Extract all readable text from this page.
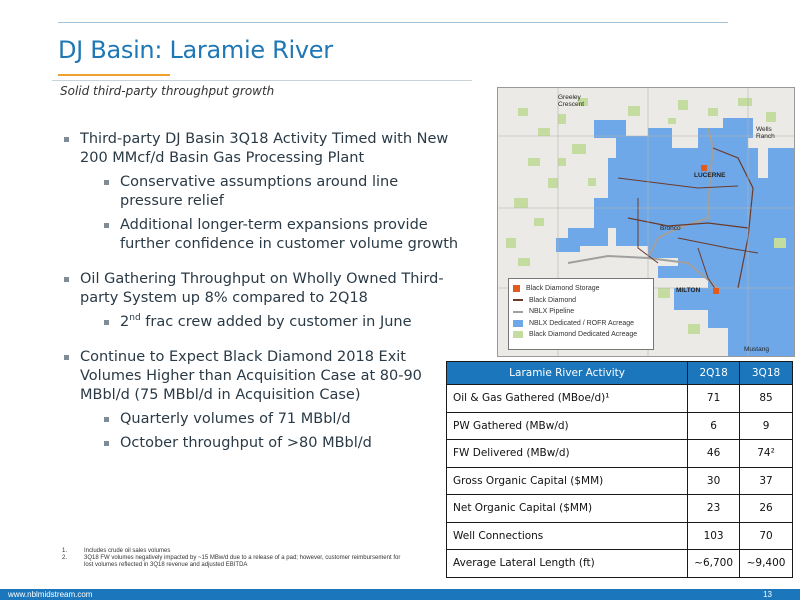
DJ Basin: Laramie River
Solid third-party throughput growth
Third-party DJ Basin 3Q18 Activity Timed with New 200 MMcf/d Basin Gas Processing Plant
Conservative assumptions around line pressure relief
Additional longer-term expansions provide further confidence in customer volume growth
Oil Gathering Throughput on Wholly Owned Third-party System up 8% compared to 2Q18
2nd frac crew added by customer in June
Continue to Expect Black Diamond 2018 Exit Volumes Higher than Acquisition Case at 80-90 MBbl/d (75 MBbl/d in Acquisition Case)
Quarterly volumes of 71 MBbl/d
October throughput of >80 MBbl/d
Greeley Crescent
Wells Ranch
LUCERNE
MILTON
Bronco
Mustang
Black Diamond Storage
Black Diamond
NBLX Pipeline
NBLX Dedicated / ROFR Acreage
Black Diamond Dedicated Acreage
Laramie River Activity	2Q18	3Q18
Oil & Gas Gathered (MBoe/d)¹	71	85
PW Gathered (MBw/d)	6	9
FW Delivered (MBw/d)	46	74²
Gross Organic Capital ($MM)	30	37
Net Organic Capital ($MM)	23	26
Well Connections	103	70
Average Lateral Length (ft)	~6,700	~9,400
1.	Includes crude oil sales volumes
2.	3Q18 FW volumes negatively impacted by ~15 MBw/d due to a release of a pad; however, customer reimbursement for lost volumes reflected in 3Q18 revenue and adjusted EBITDA
www.nblmidstream.com	13
